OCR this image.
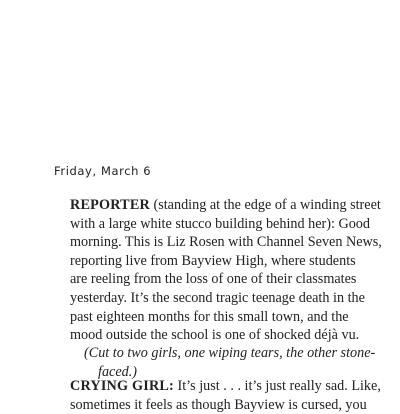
Friday, March 6

REPORTER (standing at the edge of a winding street
with a large white stucco building behind her): Good
morning. This is Liz Rosen with Channel Seven News,
reporting live from Bayview High, where students
are reeling from the loss of one of their classmates
yesterday. It’s the second tragic teenage death in the
past eighteen months for this small town, and the
mood outside the school is one of shocked déjà vu.
(Cut to two girls, one wiping tears, the other stone-
faced.)
CRYING GIRL: It’s just . . . it’s just really sad. Like,
sometimes it feels as though Bayview is cursed, you
